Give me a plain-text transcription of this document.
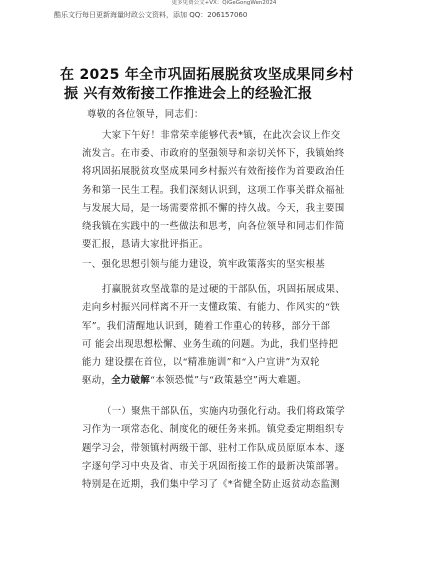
更多免费公文+VX：QiGeGongWen2024
酷乐文行每日更新海量时政公文资料，添加 QQ：206157060
在 2025 年全市巩固拓展脱贫攻坚成果同乡村
振 兴有效衔接工作推进会上的经验汇报
尊敬的各位领导，同志们：
大家下午好！非常荣幸能够代表*镇，在此次会议上作交
流发言。在市委、市政府的坚强领导和亲切关怀下，我镇始终
将巩固拓展脱贫攻坚成果同乡村振兴有效衔接作为首要政治任
务和第一民生工程。我们深刻认识到，这项工作事关群众福祉
与发展大局，是一场需要常抓不懈的持久战。今天，我主要围
绕我镇在实践中的一些做法和思考，向各位领导和同志们作简
要汇报，恳请大家批评指正。
一、强化思想引领与能力建设，筑牢政策落实的坚实根基
打赢脱贫攻坚战靠的是过硬的干部队伍，巩固拓展成果、
走向乡村振兴同样离不开一支懂政策、有能力、作风实的“铁
军”。我们清醒地认识到，随着工作重心的转移，部分干部
可 能会出现思想松懈、业务生疏的问题。为此，我们坚持把
能力 建设摆在首位，以“精准施训”和“入户宣讲”为双轮
驱动，全力破解“本领恐慌”与“政策悬空”两大难题。
（一）聚焦干部队伍，实施内功强化行动。我们将政策学
习作为一项常态化、制度化的硬任务来抓。镇党委定期组织专
题学习会，带领镇村两级干部、驻村工作队成员原原本本、逐
字逐句学习中央及省、市关于巩固衔接工作的最新决策部署。
特别是在近期，我们集中学习了《*省健全防止返贫动态监测
